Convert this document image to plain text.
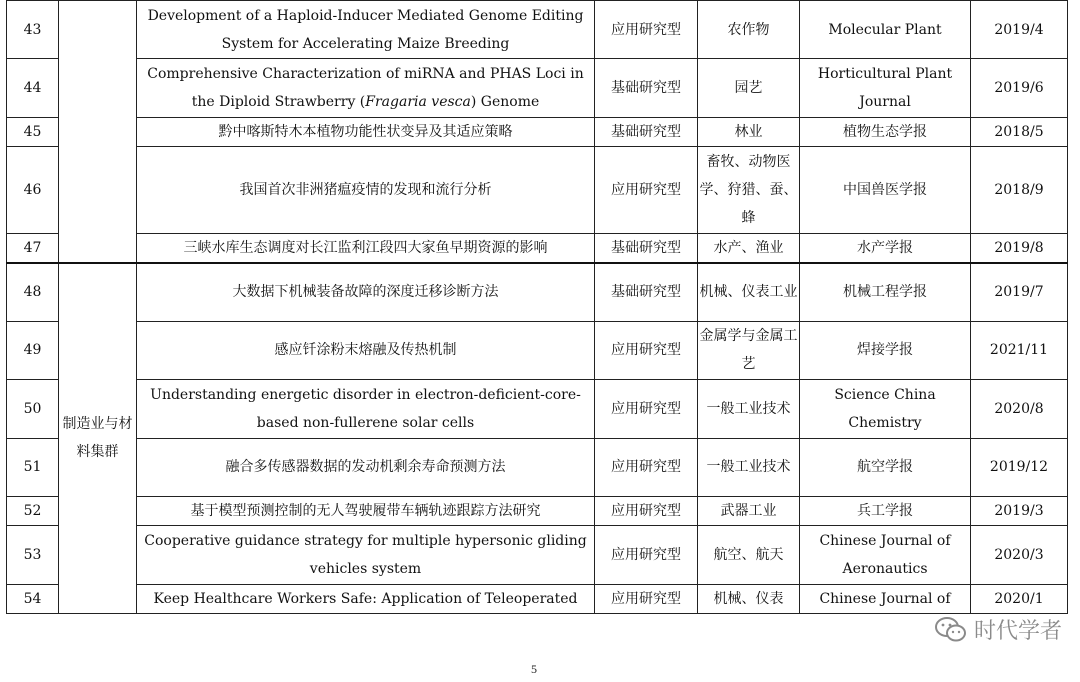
43		Development of a Haploid-Inducer Mediated Genome Editing System for Accelerating Maize Breeding	应用研究型	农作物	Molecular Plant	2019/4
44		Comprehensive Characterization of miRNA and PHAS Loci in the Diploid Strawberry (Fragaria vesca) Genome	基础研究型	园艺	Horticultural Plant Journal	2019/6
45		黔中喀斯特木本植物功能性状变异及其适应策略	基础研究型	林业	植物生态学报	2018/5
46		我国首次非洲猪瘟疫情的发现和流行分析	应用研究型	畜牧、动物医学、狩猎、蚕、蜂	中国兽医学报	2018/9
47		三峡水库生态调度对长江监利江段四大家鱼早期资源的影响	基础研究型	水产、渔业	水产学报	2019/8
48	制造业与材料集群	大数据下机械装备故障的深度迁移诊断方法	基础研究型	机械、仪表工业	机械工程学报	2019/7
49		感应钎涂粉末熔融及传热机制	应用研究型	金属学与金属工艺	焊接学报	2021/11
50		Understanding energetic disorder in electron-deficient-core-based non-fullerene solar cells	应用研究型	一般工业技术	Science China Chemistry	2020/8
51		融合多传感器数据的发动机剩余寿命预测方法	应用研究型	一般工业技术	航空学报	2019/12
52		基于模型预测控制的无人驾驶履带车辆轨迹跟踪方法研究	应用研究型	武器工业	兵工学报	2019/3
53		Cooperative guidance strategy for multiple hypersonic gliding vehicles system	应用研究型	航空、航天	Chinese Journal of Aeronautics	2020/3
54		Keep Healthcare Workers Safe: Application of Teleoperated	应用研究型	机械、仪表	Chinese Journal of	2020/1
时代学者
5
